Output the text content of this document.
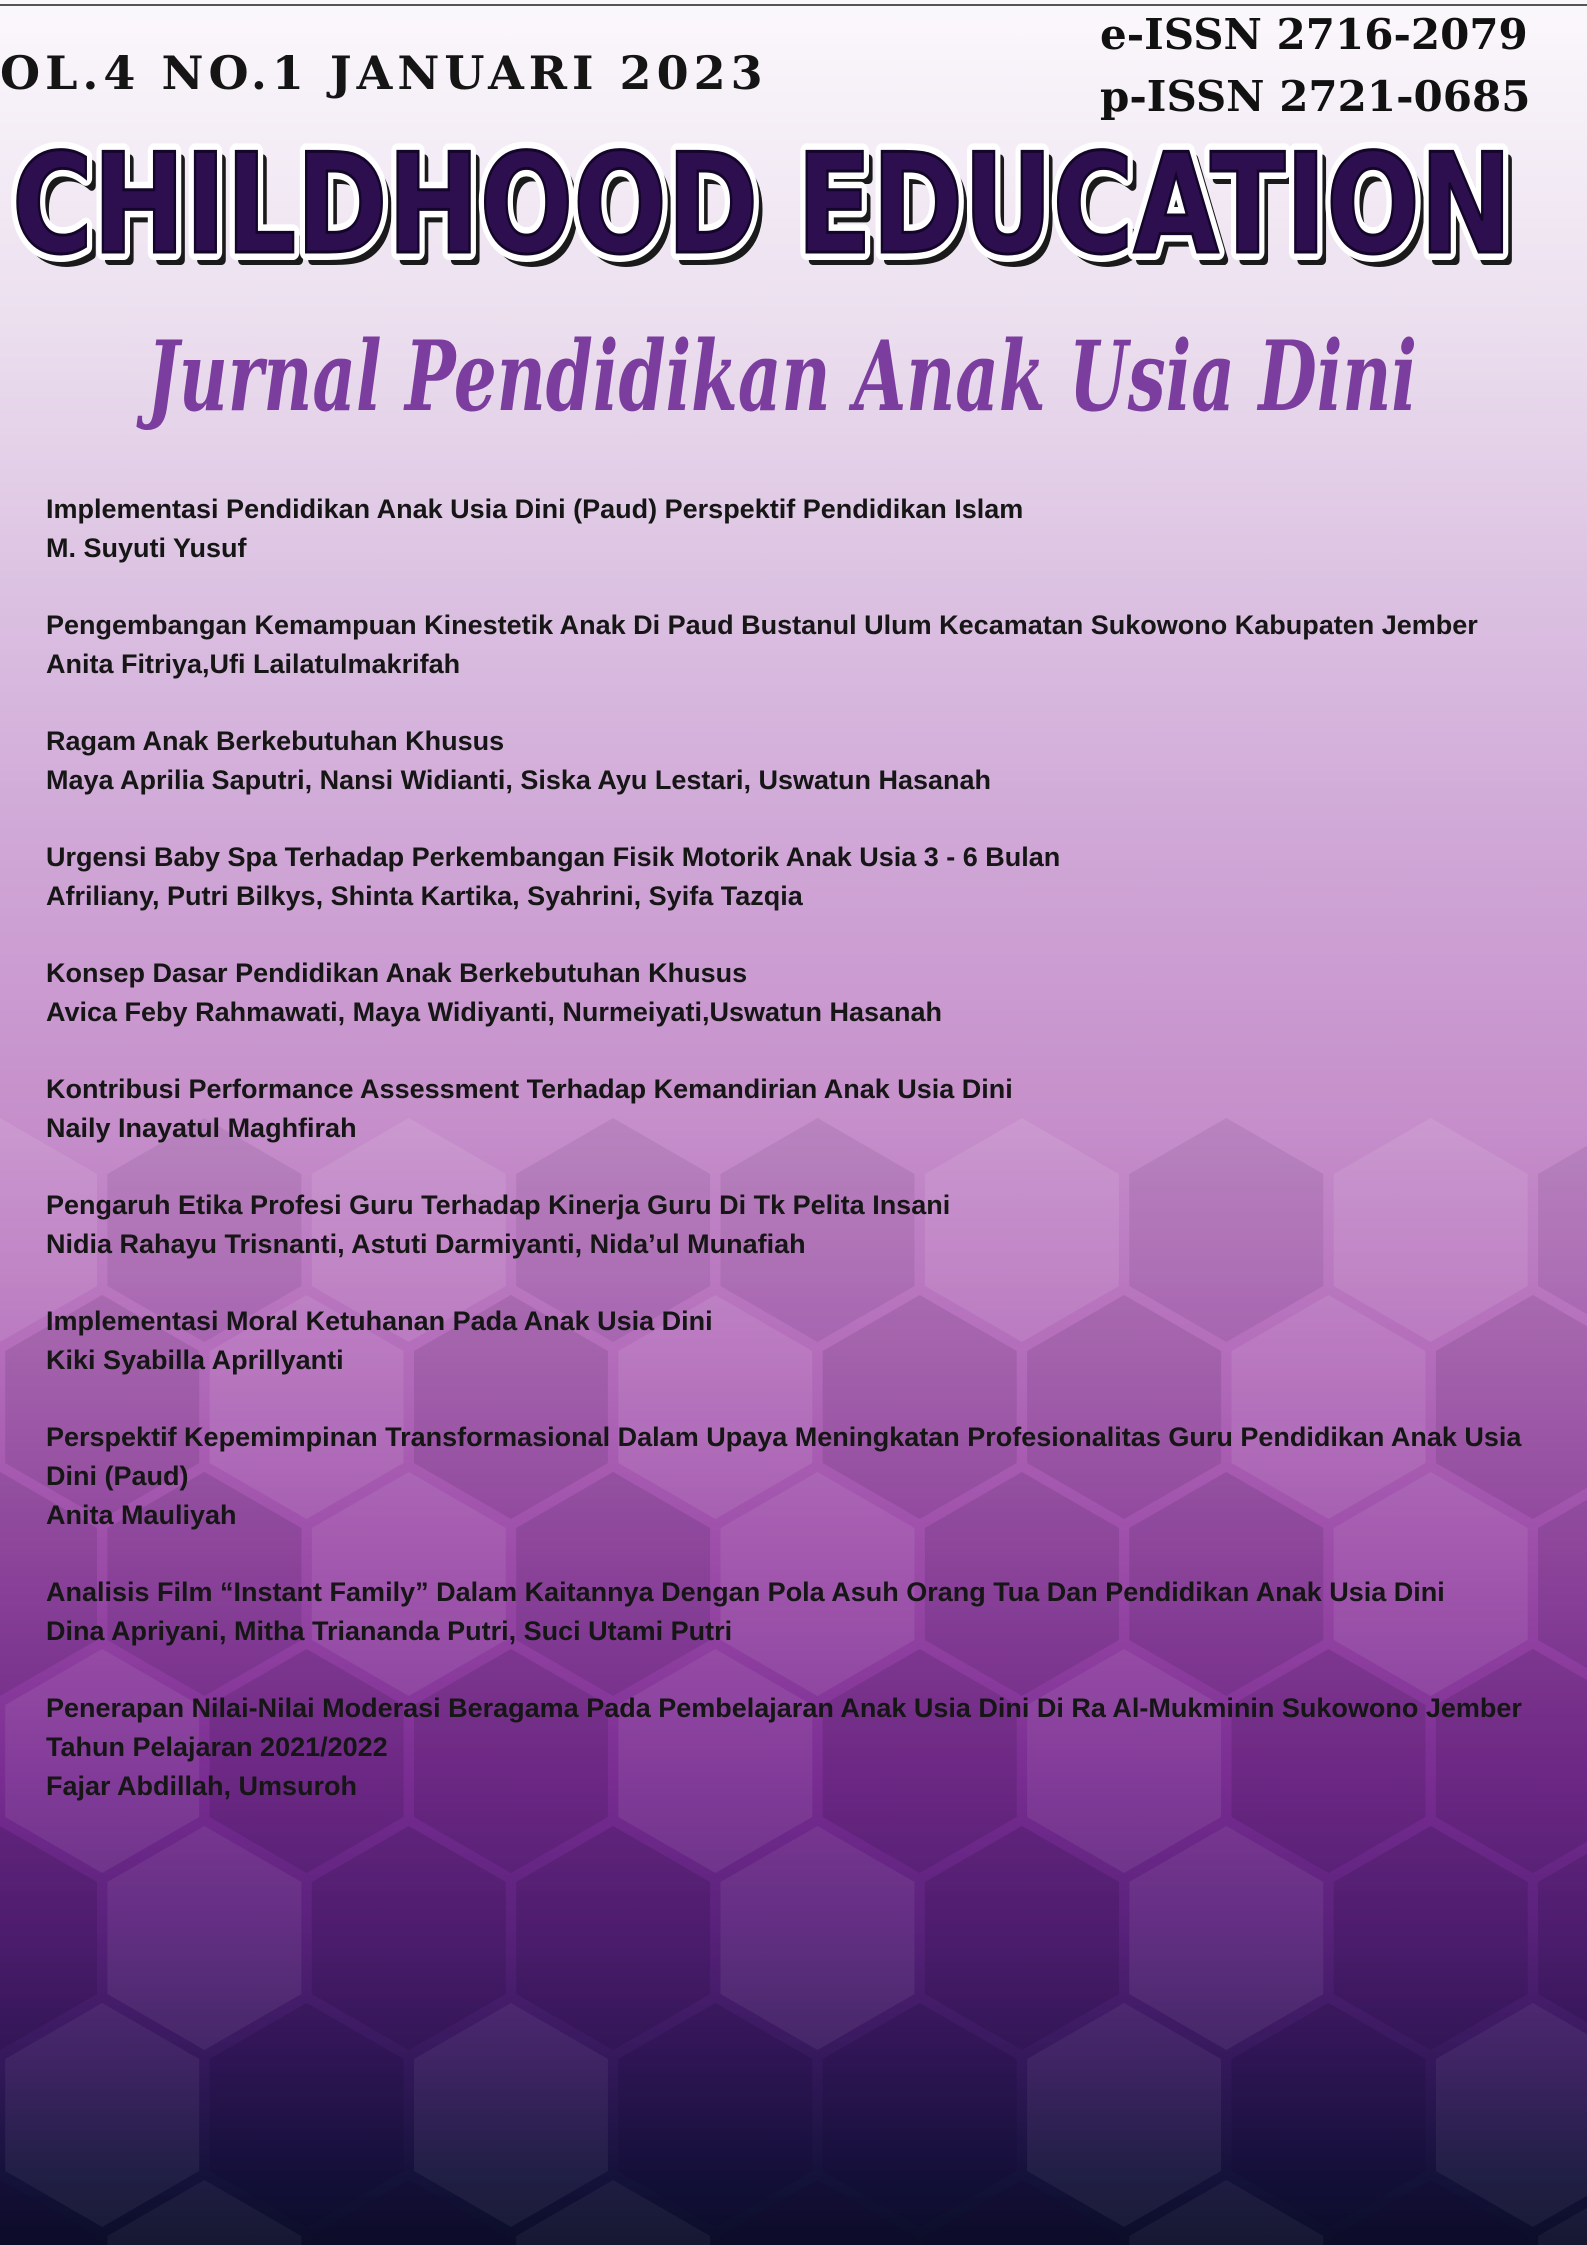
OL.4 NO.1 JANUARI 2023
e-ISSN 2716-2079
p-ISSN 2721-0685
CHILDHOOD EDUCATION
CHILDHOOD EDUCATION
CHILDHOOD EDUCATION
Jurnal Pendidikan Anak Usia Dini
Implementasi Pendidikan Anak Usia Dini (Paud) Perspektif Pendidikan Islam
M. Suyuti Yusuf
Pengembangan Kemampuan Kinestetik Anak Di Paud Bustanul Ulum Kecamatan Sukowono Kabupaten Jember
Anita Fitriya,Ufi Lailatulmakrifah
Ragam Anak Berkebutuhan Khusus
Maya Aprilia Saputri, Nansi Widianti, Siska Ayu Lestari, Uswatun Hasanah
Urgensi Baby Spa Terhadap Perkembangan Fisik Motorik Anak Usia 3 - 6 Bulan
Afriliany, Putri Bilkys, Shinta Kartika, Syahrini, Syifa Tazqia
Konsep Dasar Pendidikan Anak Berkebutuhan Khusus
Avica Feby Rahmawati, Maya Widiyanti, Nurmeiyati,Uswatun Hasanah
Kontribusi Performance Assessment Terhadap Kemandirian Anak Usia Dini
Naily Inayatul Maghfirah
Pengaruh Etika Profesi Guru Terhadap Kinerja Guru Di Tk Pelita Insani
Nidia Rahayu Trisnanti, Astuti Darmiyanti, Nida’ul Munafiah
Implementasi Moral Ketuhanan Pada Anak Usia Dini
Kiki Syabilla Aprillyanti
Perspektif Kepemimpinan Transformasional Dalam Upaya Meningkatan Profesionalitas Guru Pendidikan Anak Usia Dini (Paud)
Anita Mauliyah
Analisis Film “Instant Family” Dalam Kaitannya Dengan Pola Asuh Orang Tua Dan Pendidikan Anak Usia Dini
Dina Apriyani, Mitha Triananda Putri, Suci Utami Putri
Penerapan Nilai-Nilai Moderasi Beragama Pada Pembelajaran Anak Usia Dini Di Ra Al-Mukminin Sukowono Jember Tahun Pelajaran 2021/2022
Fajar Abdillah, Umsuroh
